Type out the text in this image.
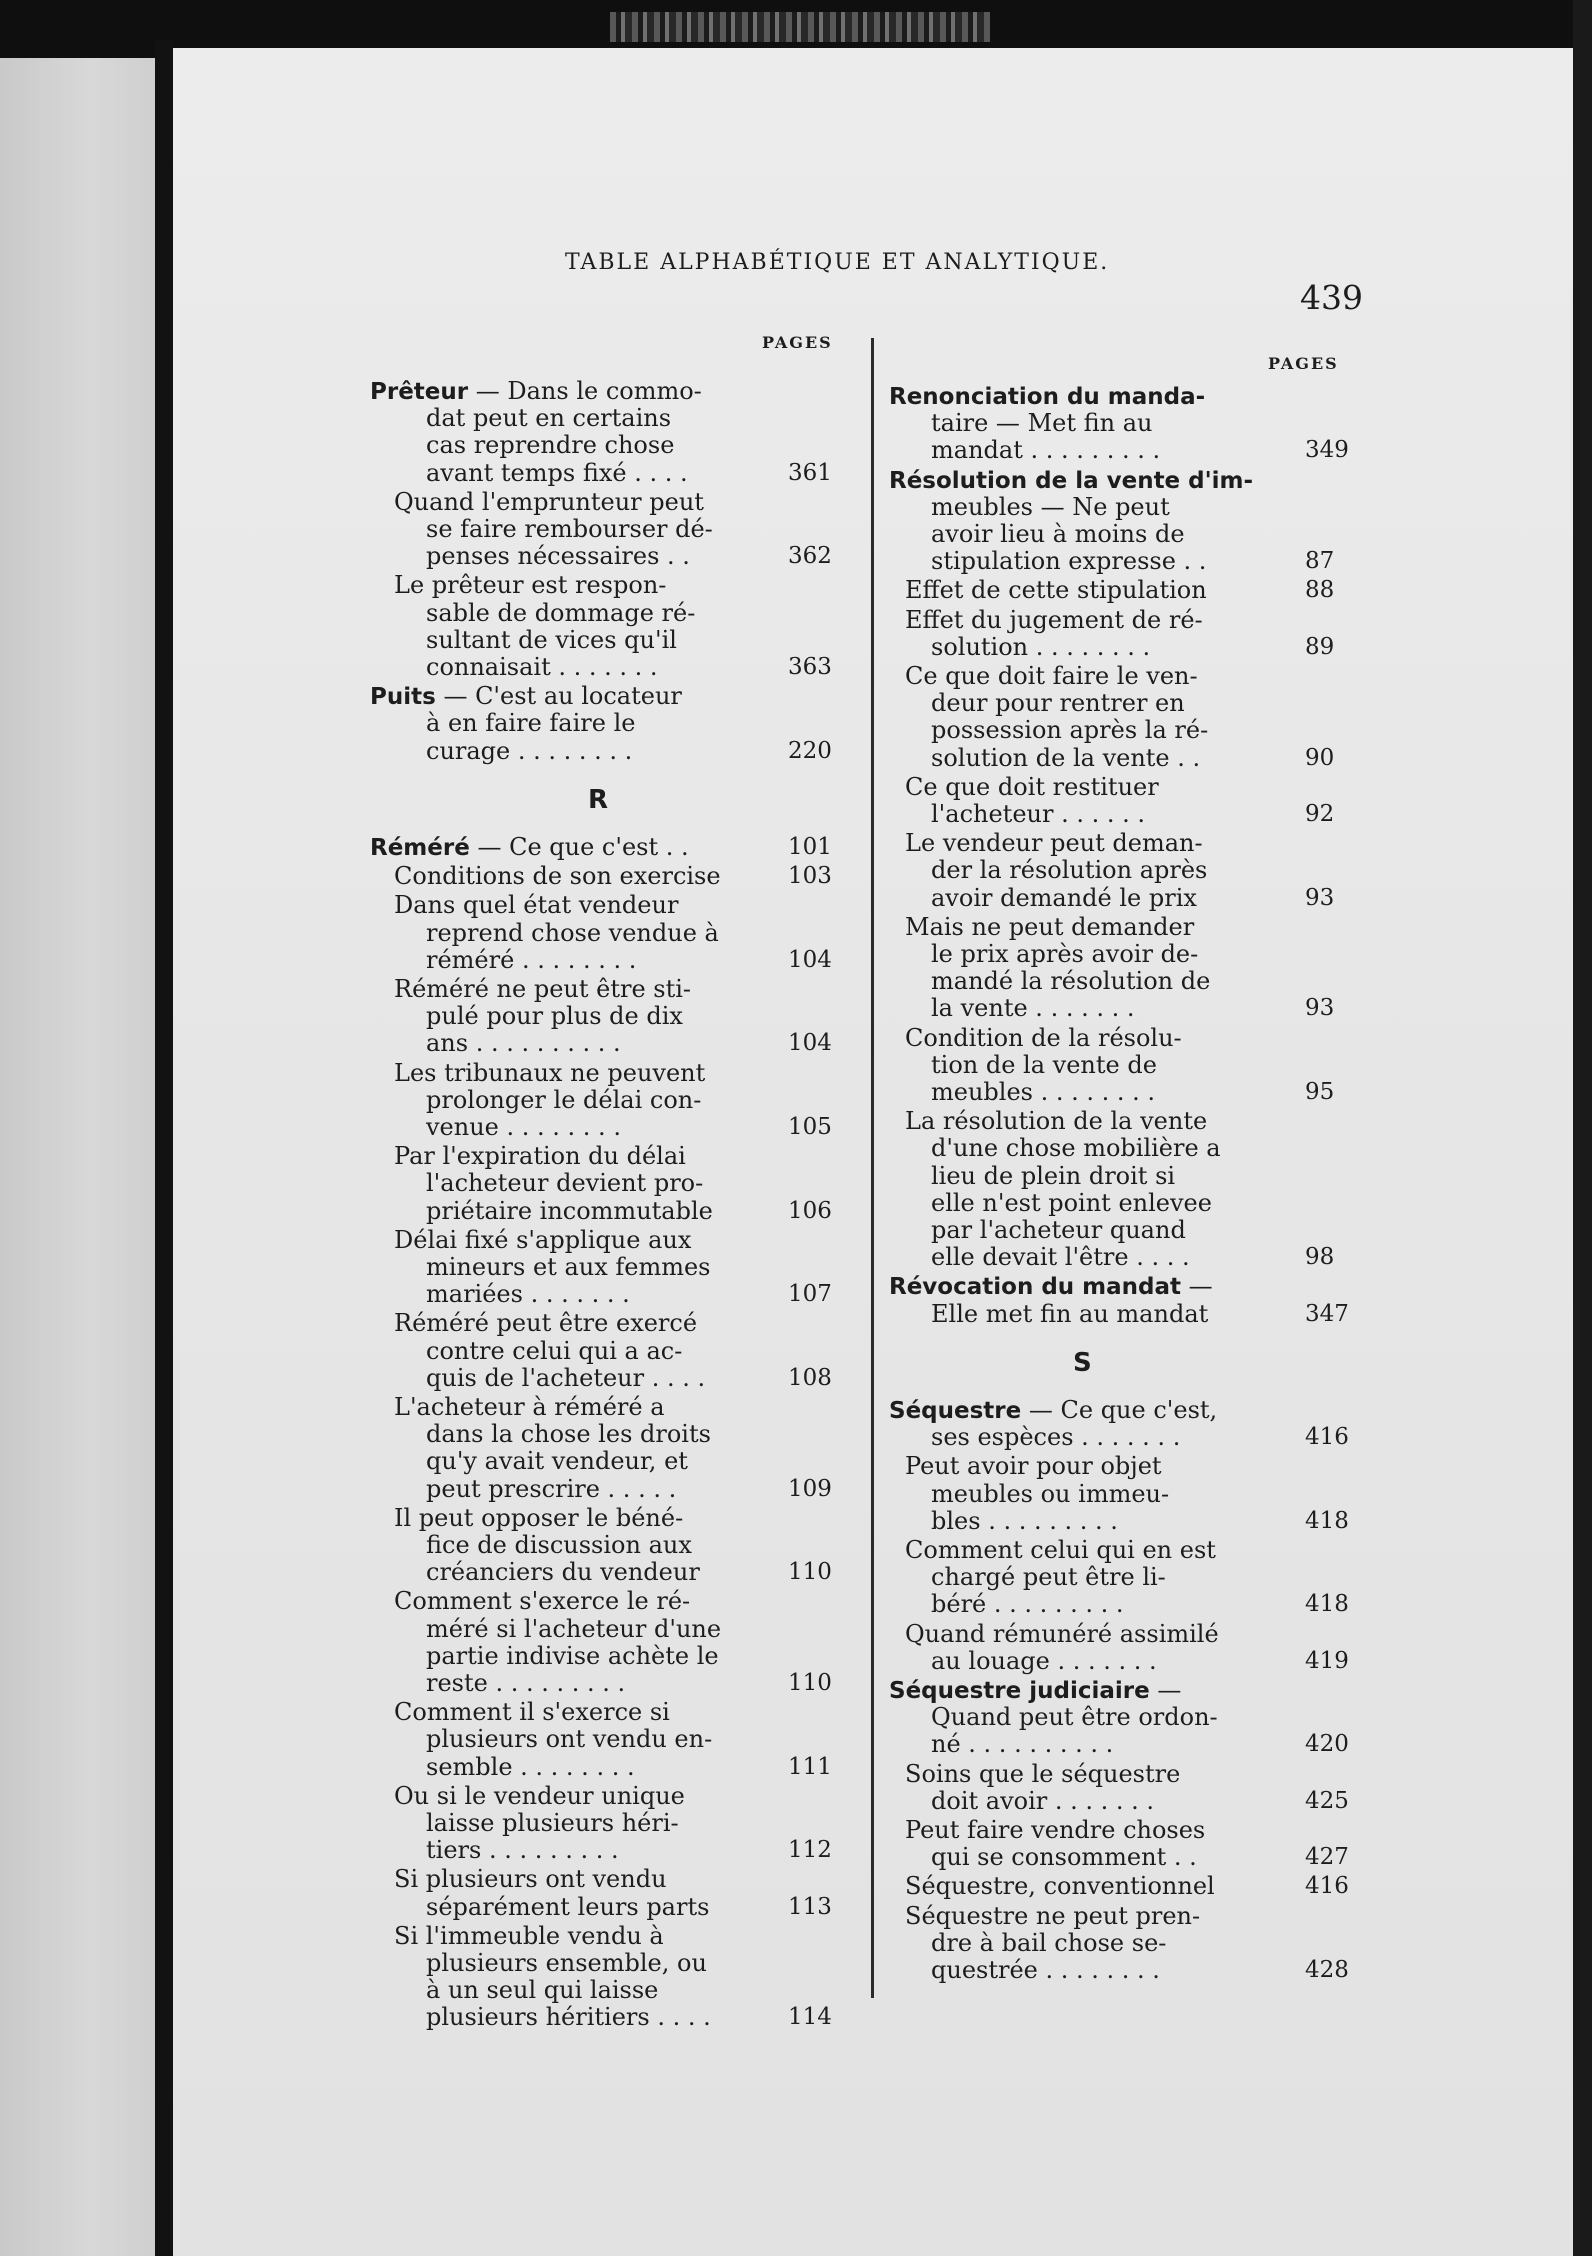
TABLE ALPHABÉTIQUE ET ANALYTIQUE.
439
PAGES
PAGES
Prêteur — Dans le commo-
dat peut en certains
cas reprendre chose
avant temps fixé . . . .	361
Quand l'emprunteur peut
se faire rembourser dé-
penses nécessaires . .	362
Le prêteur est respon-
sable de dommage ré-
sultant de vices qu'il
connaisait . . . . . . .	363
Puits — C'est au locateur
à en faire faire le
curage . . . . . . . .	220
R
Réméré — Ce que c'est . .	101
Conditions de son exercise	103
Dans quel état vendeur
reprend chose vendue à
réméré . . . . . . . .	104
Réméré ne peut être sti-
pulé pour plus de dix
ans . . . . . . . . . .	104
Les tribunaux ne peuvent
prolonger le délai con-
venue . . . . . . . .	105
Par l'expiration du délai
l'acheteur devient pro-
priétaire incommutable	106
Délai fixé s'applique aux
mineurs et aux femmes
mariées . . . . . . .	107
Réméré peut être exercé
contre celui qui a ac-
quis de l'acheteur . . . .	108
L'acheteur à réméré a
dans la chose les droits
qu'y avait vendeur, et
peut prescrire . . . . .	109
Il peut opposer le béné-
fice de discussion aux
créanciers du vendeur	110
Comment s'exerce le ré-
méré si l'acheteur d'une
partie indivise achète le
reste . . . . . . . . .	110
Comment il s'exerce si
plusieurs ont vendu en-
semble . . . . . . . .	111
Ou si le vendeur unique
laisse plusieurs héri-
tiers . . . . . . . . .	112
Si plusieurs ont vendu
séparément leurs parts	113
Si l'immeuble vendu à
plusieurs ensemble, ou
à un seul qui laisse
plusieurs héritiers . . . .	114
Renonciation du manda-
taire — Met fin au
mandat . . . . . . . . .	349
Résolution de la vente d'im-
meubles — Ne peut
avoir lieu à moins de
stipulation expresse . .	87
Effet de cette stipulation	88
Effet du jugement de ré-
solution . . . . . . . .	89
Ce que doit faire le ven-
deur pour rentrer en
possession après la ré-
solution de la vente . .	90
Ce que doit restituer
l'acheteur . . . . . .	92
Le vendeur peut deman-
der la résolution après
avoir demandé le prix	93
Mais ne peut demander
le prix après avoir de-
mandé la résolution de
la vente . . . . . . .	93
Condition de la résolu-
tion de la vente de
meubles . . . . . . . .	95
La résolution de la vente
d'une chose mobilière a
lieu de plein droit si
elle n'est point enlevee
par l'acheteur quand
elle devait l'être . . . .	98
Révocation du mandat —
Elle met fin au mandat	347
S
Séquestre — Ce que c'est,
ses espèces . . . . . . .	416
Peut avoir pour objet
meubles ou immeu-
bles . . . . . . . . .	418
Comment celui qui en est
chargé peut être li-
béré . . . . . . . . .	418
Quand rémunéré assimilé
au louage . . . . . . .	419
Séquestre judiciaire —
Quand peut être ordon-
né . . . . . . . . . .	420
Soins que le séquestre
doit avoir . . . . . . .	425
Peut faire vendre choses
qui se consomment . .	427
Séquestre, conventionnel	416
Séquestre ne peut pren-
dre à bail chose se-
questrée . . . . . . . .	428
